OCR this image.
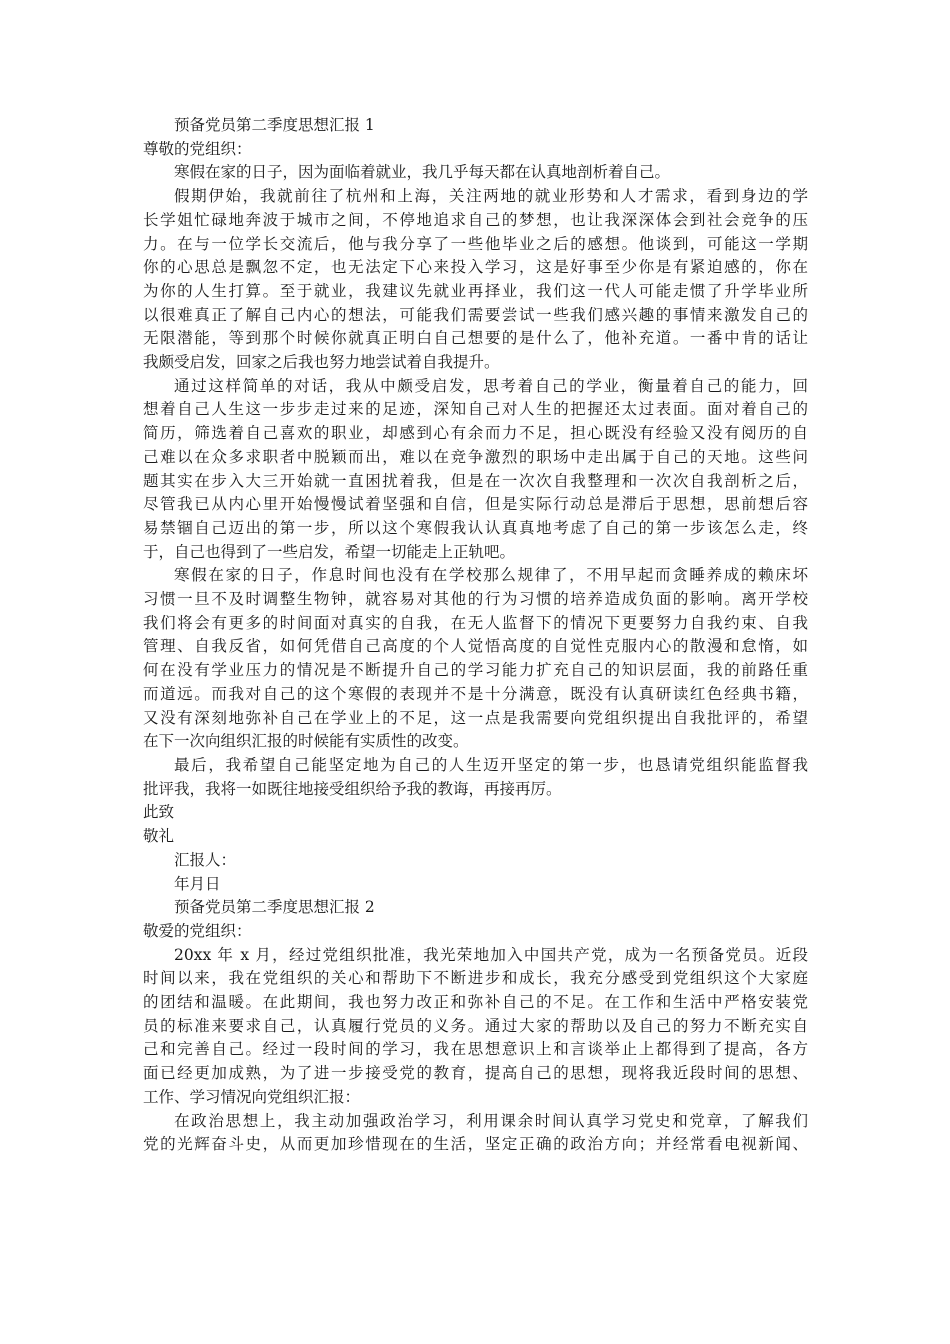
预备党员第二季度思想汇报 1
尊敬的党组织：
寒假在家的日子，因为面临着就业，我几乎每天都在认真地剖析着自己。
假期伊始，我就前往了杭州和上海，关注两地的就业形势和人才需求，看到身边的学
长学姐忙碌地奔波于城市之间，不停地追求自己的梦想，也让我深深体会到社会竞争的压
力。在与一位学长交流后，他与我分享了一些他毕业之后的感想。他谈到，可能这一学期
你的心思总是飘忽不定，也无法定下心来投入学习，这是好事至少你是有紧迫感的，你在
为你的人生打算。至于就业，我建议先就业再择业，我们这一代人可能走惯了升学毕业所
以很难真正了解自己内心的想法，可能我们需要尝试一些我们感兴趣的事情来激发自己的
无限潜能，等到那个时候你就真正明白自己想要的是什么了，他补充道。一番中肯的话让
我颇受启发，回家之后我也努力地尝试着自我提升。
通过这样简单的对话，我从中颇受启发，思考着自己的学业，衡量着自己的能力，回
想着自己人生这一步步走过来的足迹，深知自己对人生的把握还太过表面。面对着自己的
简历，筛选着自己喜欢的职业，却感到心有余而力不足，担心既没有经验又没有阅历的自
己难以在众多求职者中脱颖而出，难以在竞争激烈的职场中走出属于自己的天地。这些问
题其实在步入大三开始就一直困扰着我，但是在一次次自我整理和一次次自我剖析之后，
尽管我已从内心里开始慢慢试着坚强和自信，但是实际行动总是滞后于思想，思前想后容
易禁锢自己迈出的第一步，所以这个寒假我认认真真地考虑了自己的第一步该怎么走，终
于，自己也得到了一些启发，希望一切能走上正轨吧。
寒假在家的日子，作息时间也没有在学校那么规律了，不用早起而贪睡养成的赖床坏
习惯一旦不及时调整生物钟，就容易对其他的行为习惯的培养造成负面的影响。离开学校
我们将会有更多的时间面对真实的自我，在无人监督下的情况下更要努力自我约束、自我
管理、自我反省，如何凭借自己高度的个人觉悟高度的自觉性克服内心的散漫和怠惰，如
何在没有学业压力的情况是不断提升自己的学习能力扩充自己的知识层面，我的前路任重
而道远。而我对自己的这个寒假的表现并不是十分满意，既没有认真研读红色经典书籍，
又没有深刻地弥补自己在学业上的不足，这一点是我需要向党组织提出自我批评的，希望
在下一次向组织汇报的时候能有实质性的改变。
最后，我希望自己能坚定地为自己的人生迈开坚定的第一步，也恳请党组织能监督我
批评我，我将一如既往地接受组织给予我的教诲，再接再厉。
此致
敬礼
汇报人：
年月日
预备党员第二季度思想汇报 2
敬爱的党组织：
20xx 年 x 月，经过党组织批准，我光荣地加入中国共产党，成为一名预备党员。近段
时间以来，我在党组织的关心和帮助下不断进步和成长，我充分感受到党组织这个大家庭
的团结和温暖。在此期间，我也努力改正和弥补自己的不足。在工作和生活中严格安装党
员的标准来要求自己，认真履行党员的义务。通过大家的帮助以及自己的努力不断充实自
己和完善自己。经过一段时间的学习，我在思想意识上和言谈举止上都得到了提高，各方
面已经更加成熟，为了进一步接受党的教育，提高自己的思想，现将我近段时间的思想、
工作、学习情况向党组织汇报：
在政治思想上，我主动加强政治学习，利用课余时间认真学习党史和党章，了解我们
党的光辉奋斗史，从而更加珍惜现在的生活，坚定正确的政治方向；并经常看电视新闻、
